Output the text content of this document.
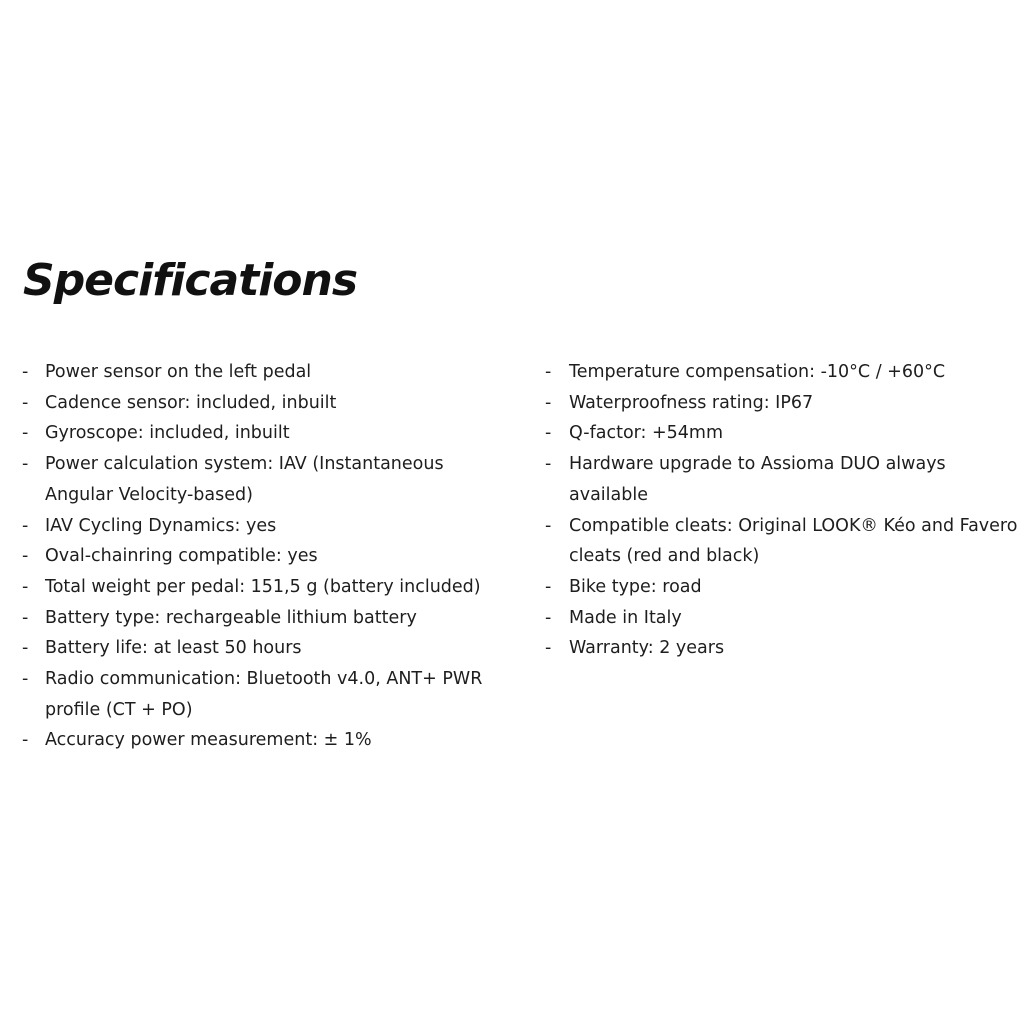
Specifications
- Power sensor on the left pedal
- Cadence sensor: included, inbuilt
- Gyroscope: included, inbuilt
- Power calculation system: IAV (Instantaneous Angular Velocity-based)
- IAV Cycling Dynamics: yes
- Oval-chainring compatible: yes
- Total weight per pedal: 151,5 g (battery included)
- Battery type: rechargeable lithium battery
- Battery life: at least 50 hours
- Radio communication: Bluetooth v4.0, ANT+ PWR profile (CT + PO)
- Accuracy power measurement: ± 1%
- Temperature compensation: -10°C / +60°C
- Waterproofness rating: IP67
- Q-factor: +54mm
- Hardware upgrade to Assioma DUO always available
- Compatible cleats: Original LOOK® Kéo and Favero cleats (red and black)
- Bike type: road
- Made in Italy
- Warranty: 2 years
